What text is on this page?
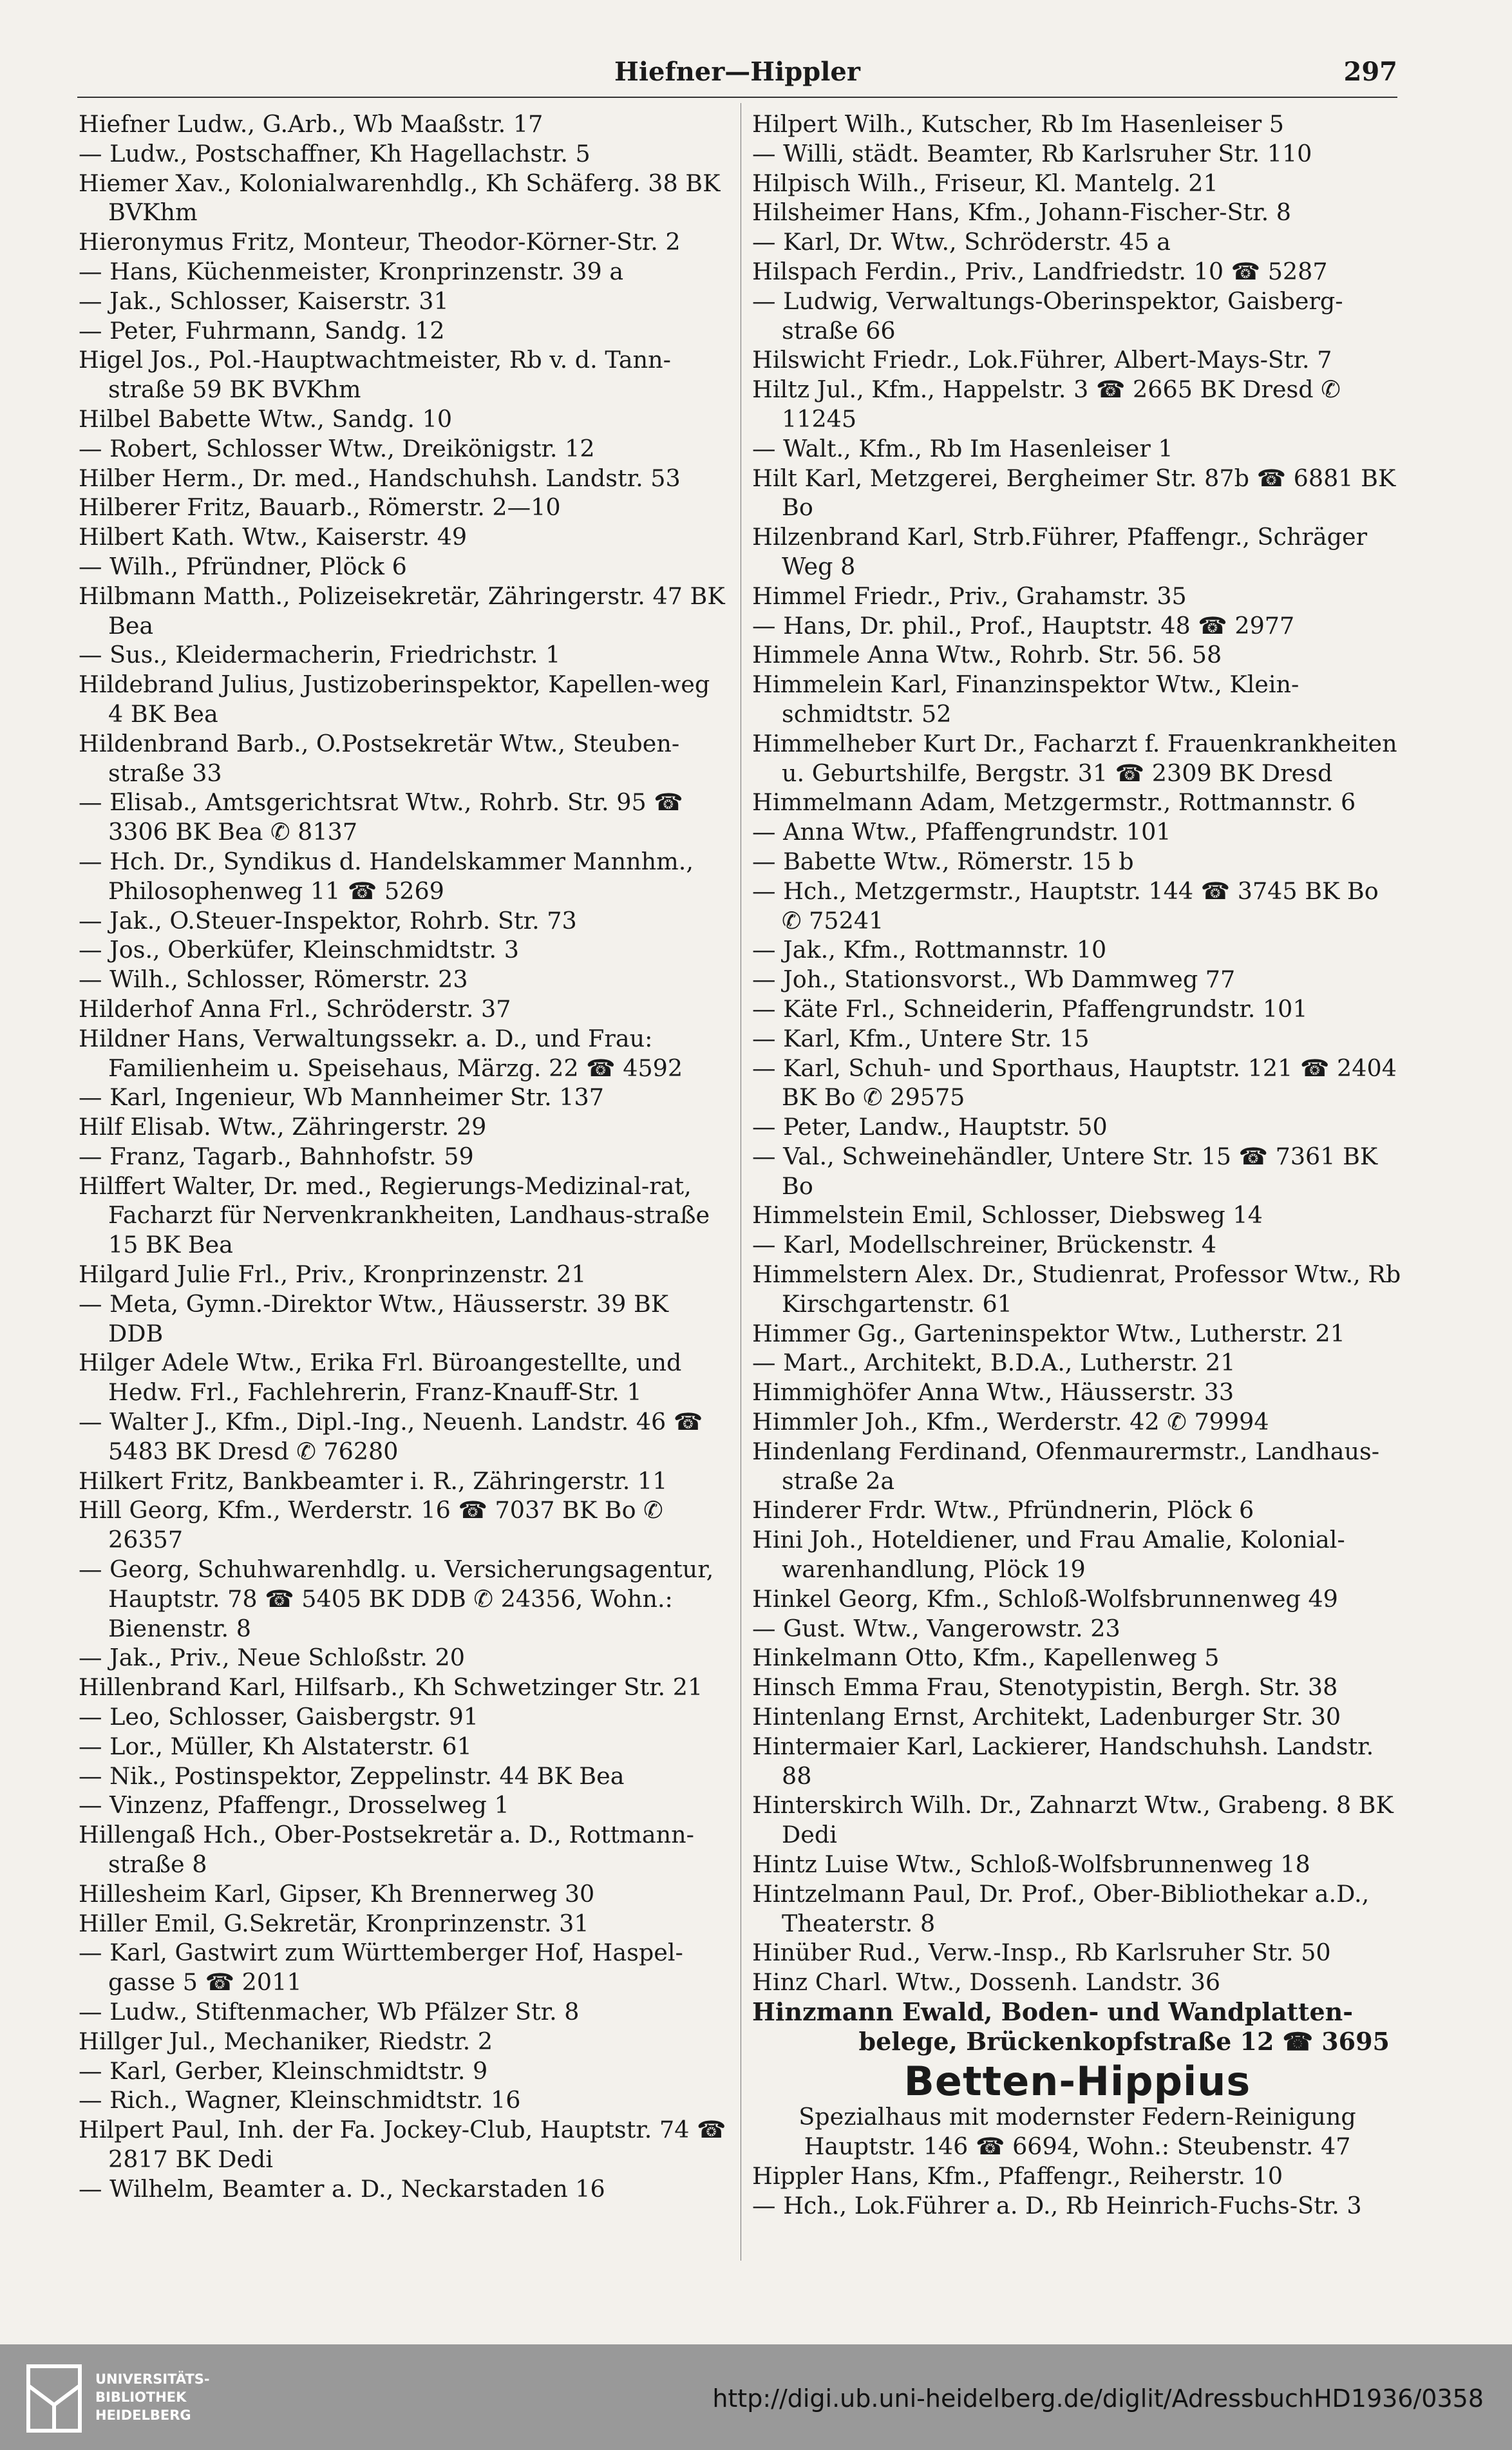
Hiefner—Hippler	297
Hiefner Ludw., G.Arb., Wb Maaßstr. 17
— Ludw., Postschaffner, Kh Hagellachstr. 5
Hiemer Xav., Kolonialwarenhdlg., Kh Schäferg. 38 BK BVKhm
Hieronymus Fritz, Monteur, Theodor-Körner-Str. 2
— Hans, Küchenmeister, Kronprinzenstr. 39 a
— Jak., Schlosser, Kaiserstr. 31
— Peter, Fuhrmann, Sandg. 12
Higel Jos., Pol.-Hauptwachtmeister, Rb v. d. Tann-straße 59 BK BVKhm
Hilbel Babette Wtw., Sandg. 10
— Robert, Schlosser Wtw., Dreikönigstr. 12
Hilber Herm., Dr. med., Handschuhsh. Landstr. 53
Hilberer Fritz, Bauarb., Römerstr. 2—10
Hilbert Kath. Wtw., Kaiserstr. 49
— Wilh., Pfründner, Plöck 6
Hilbmann Matth., Polizeisekretär, Zähringerstr. 47 BK Bea
— Sus., Kleidermacherin, Friedrichstr. 1
Hildebrand Julius, Justizoberinspektor, Kapellen-weg 4 BK Bea
Hildenbrand Barb., O.Postsekretär Wtw., Steuben-straße 33
— Elisab., Amtsgerichtsrat Wtw., Rohrb. Str. 95 ☎ 3306 BK Bea ✆ 8137
— Hch. Dr., Syndikus d. Handelskammer Mannhm., Philosophenweg 11 ☎ 5269
— Jak., O.Steuer-Inspektor, Rohrb. Str. 73
— Jos., Oberküfer, Kleinschmidtstr. 3
— Wilh., Schlosser, Römerstr. 23
Hilderhof Anna Frl., Schröderstr. 37
Hildner Hans, Verwaltungssekr. a. D., und Frau: Familienheim u. Speisehaus, Märzg. 22 ☎ 4592
— Karl, Ingenieur, Wb Mannheimer Str. 137
Hilf Elisab. Wtw., Zähringerstr. 29
— Franz, Tagarb., Bahnhofstr. 59
Hilffert Walter, Dr. med., Regierungs-Medizinal-rat, Facharzt für Nervenkrankheiten, Landhaus-straße 15 BK Bea
Hilgard Julie Frl., Priv., Kronprinzenstr. 21
— Meta, Gymn.-Direktor Wtw., Häusserstr. 39 BK DDB
Hilger Adele Wtw., Erika Frl. Büroangestellte, und Hedw. Frl., Fachlehrerin, Franz-Knauff-Str. 1
— Walter J., Kfm., Dipl.-Ing., Neuenh. Landstr. 46 ☎ 5483 BK Dresd ✆ 76280
Hilkert Fritz, Bankbeamter i. R., Zähringerstr. 11
Hill Georg, Kfm., Werderstr. 16 ☎ 7037 BK Bo ✆ 26357
— Georg, Schuhwarenhdlg. u. Versicherungsagentur, Hauptstr. 78 ☎ 5405 BK DDB ✆ 24356, Wohn.: Bienenstr. 8
— Jak., Priv., Neue Schloßstr. 20
Hillenbrand Karl, Hilfsarb., Kh Schwetzinger Str. 21
— Leo, Schlosser, Gaisbergstr. 91
— Lor., Müller, Kh Alstaterstr. 61
— Nik., Postinspektor, Zeppelinstr. 44 BK Bea
— Vinzenz, Pfaffengr., Drosselweg 1
Hillengaß Hch., Ober-Postsekretär a. D., Rottmann-straße 8
Hillesheim Karl, Gipser, Kh Brennerweg 30
Hiller Emil, G.Sekretär, Kronprinzenstr. 31
— Karl, Gastwirt zum Württemberger Hof, Haspel-gasse 5 ☎ 2011
— Ludw., Stiftenmacher, Wb Pfälzer Str. 8
Hillger Jul., Mechaniker, Riedstr. 2
— Karl, Gerber, Kleinschmidtstr. 9
— Rich., Wagner, Kleinschmidtstr. 16
Hilpert Paul, Inh. der Fa. Jockey-Club, Hauptstr. 74 ☎ 2817 BK Dedi
— Wilhelm, Beamter a. D., Neckarstaden 16
Hilpert Wilh., Kutscher, Rb Im Hasenleiser 5
— Willi, städt. Beamter, Rb Karlsruher Str. 110
Hilpisch Wilh., Friseur, Kl. Mantelg. 21
Hilsheimer Hans, Kfm., Johann-Fischer-Str. 8
— Karl, Dr. Wtw., Schröderstr. 45 a
Hilspach Ferdin., Priv., Landfriedstr. 10 ☎ 5287
— Ludwig, Verwaltungs-Oberinspektor, Gaisberg-straße 66
Hilswicht Friedr., Lok.Führer, Albert-Mays-Str. 7
Hiltz Jul., Kfm., Happelstr. 3 ☎ 2665 BK Dresd ✆ 11245
— Walt., Kfm., Rb Im Hasenleiser 1
Hilt Karl, Metzgerei, Bergheimer Str. 87b ☎ 6881 BK Bo
Hilzenbrand Karl, Strb.Führer, Pfaffengr., Schräger Weg 8
Himmel Friedr., Priv., Grahamstr. 35
— Hans, Dr. phil., Prof., Hauptstr. 48 ☎ 2977
Himmele Anna Wtw., Rohrb. Str. 56. 58
Himmelein Karl, Finanzinspektor Wtw., Klein-schmidtstr. 52
Himmelheber Kurt Dr., Facharzt f. Frauenkrankheiten u. Geburtshilfe, Bergstr. 31 ☎ 2309 BK Dresd
Himmelmann Adam, Metzgermstr., Rottmannstr. 6
— Anna Wtw., Pfaffengrundstr. 101
— Babette Wtw., Römerstr. 15 b
— Hch., Metzgermstr., Hauptstr. 144 ☎ 3745 BK Bo ✆ 75241
— Jak., Kfm., Rottmannstr. 10
— Joh., Stationsvorst., Wb Dammweg 77
— Käte Frl., Schneiderin, Pfaffengrundstr. 101
— Karl, Kfm., Untere Str. 15
— Karl, Schuh- und Sporthaus, Hauptstr. 121 ☎ 2404 BK Bo ✆ 29575
— Peter, Landw., Hauptstr. 50
— Val., Schweinehändler, Untere Str. 15 ☎ 7361 BK Bo
Himmelstein Emil, Schlosser, Diebsweg 14
— Karl, Modellschreiner, Brückenstr. 4
Himmelstern Alex. Dr., Studienrat, Professor Wtw., Rb Kirschgartenstr. 61
Himmer Gg., Garteninspektor Wtw., Lutherstr. 21
— Mart., Architekt, B.D.A., Lutherstr. 21
Himmighöfer Anna Wtw., Häusserstr. 33
Himmler Joh., Kfm., Werderstr. 42 ✆ 79994
Hindenlang Ferdinand, Ofenmaurermstr., Landhaus-straße 2a
Hinderer Frdr. Wtw., Pfründnerin, Plöck 6
Hini Joh., Hoteldiener, und Frau Amalie, Kolonial-warenhandlung, Plöck 19
Hinkel Georg, Kfm., Schloß-Wolfsbrunnenweg 49
— Gust. Wtw., Vangerowstr. 23
Hinkelmann Otto, Kfm., Kapellenweg 5
Hinsch Emma Frau, Stenotypistin, Bergh. Str. 38
Hintenlang Ernst, Architekt, Ladenburger Str. 30
Hintermaier Karl, Lackierer, Handschuhsh. Landstr. 88
Hinterskirch Wilh. Dr., Zahnarzt Wtw., Grabeng. 8 BK Dedi
Hintz Luise Wtw., Schloß-Wolfsbrunnenweg 18
Hintzelmann Paul, Dr. Prof., Ober-Bibliothekar a.D., Theaterstr. 8
Hinüber Rud., Verw.-Insp., Rb Karlsruher Str. 50
Hinz Charl. Wtw., Dossenh. Landstr. 36
Hinzmann Ewald, Boden- und Wandplatten-
belege, Brückenkopfstraße 12 ☎ 3695
Betten-Hippius
Spezialhaus mit modernster Federn-Reinigung
Hauptstr. 146 ☎ 6694, Wohn.: Steubenstr. 47
Hippler Hans, Kfm., Pfaffengr., Reiherstr. 10
— Hch., Lok.Führer a. D., Rb Heinrich-Fuchs-Str. 3
UNIVERSITÄTS-
BIBLIOTHEK
HEIDELBERG
http://digi.ub.uni-heidelberg.de/diglit/AdressbuchHD1936/0358
